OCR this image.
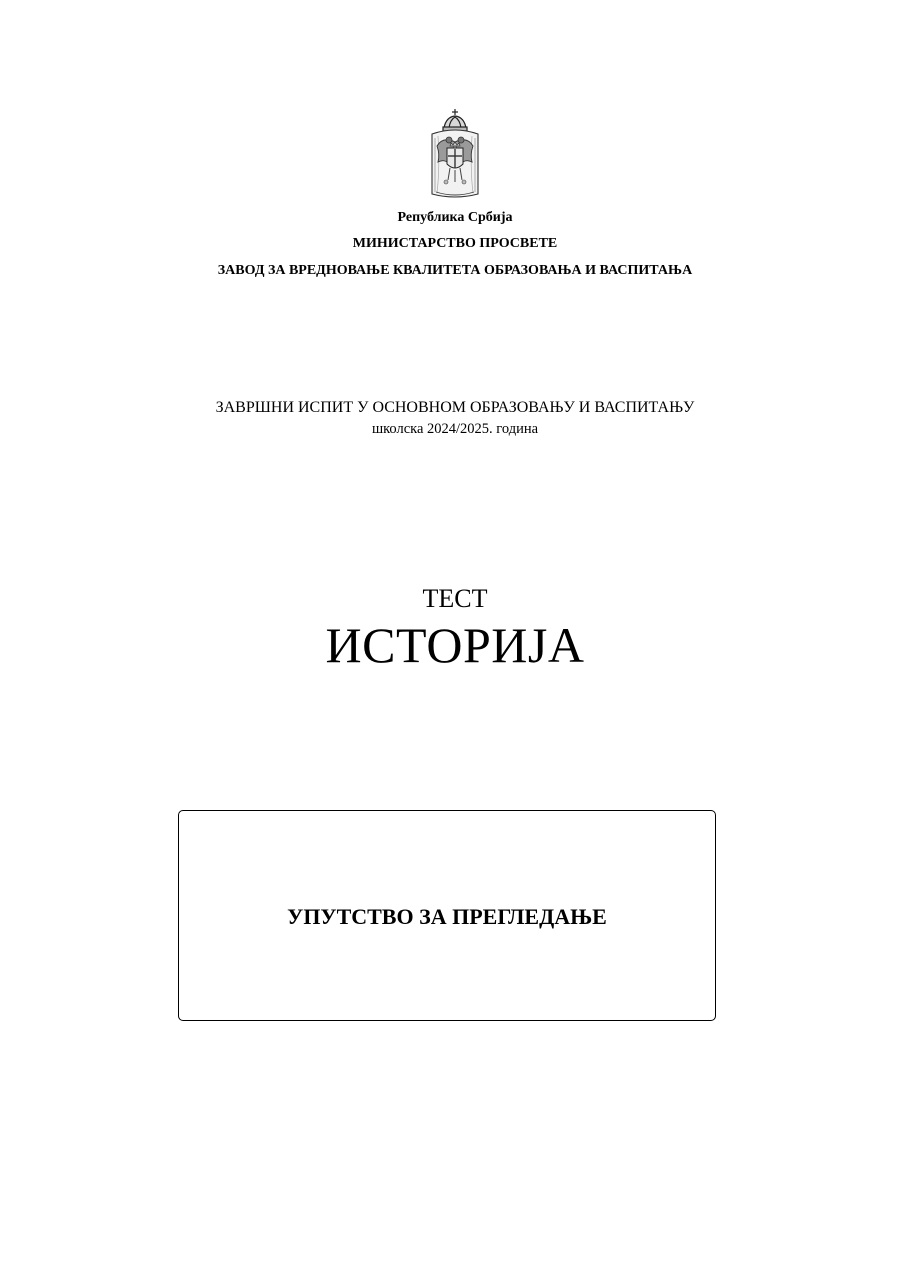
Република Србија
МИНИСТАРСТВО ПРОСВЕТЕ
ЗАВОД ЗА ВРЕДНОВАЊЕ КВАЛИТЕТА ОБРАЗОВАЊА И ВАСПИТАЊА
ЗАВРШНИ ИСПИТ У ОСНОВНОМ ОБРАЗОВАЊУ И ВАСПИТАЊУ
школска 2024/2025. година
ТЕСТ
ИСТОРИЈА
УПУТСТВО ЗА ПРЕГЛЕДАЊЕ
